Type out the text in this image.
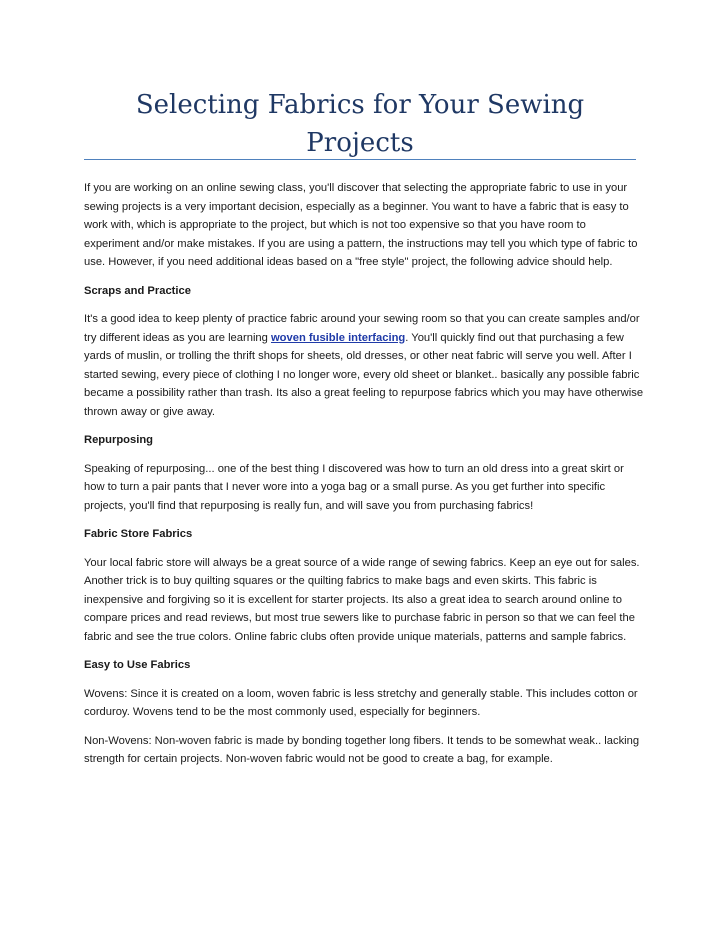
Selecting Fabrics for Your Sewing Projects

If you are working on an online sewing class, you'll discover that selecting the appropriate fabric to use in your sewing projects is a very important decision, especially as a beginner. You want to have a fabric that is easy to work with, which is appropriate to the project, but which is not too expensive so that you have room to experiment and/or make mistakes. If you are using a pattern, the instructions may tell you which type of fabric to use. However, if you need additional ideas based on a "free style" project, the following advice should help.

Scraps and Practice

It's a good idea to keep plenty of practice fabric around your sewing room so that you can create samples and/or try different ideas as you are learning woven fusible interfacing. You'll quickly find out that purchasing a few yards of muslin, or trolling the thrift shops for sheets, old dresses, or other neat fabric will serve you well. After I started sewing, every piece of clothing I no longer wore, every old sheet or blanket.. basically any possible fabric became a possibility rather than trash. Its also a great feeling to repurpose fabrics which you may have otherwise thrown away or give away.

Repurposing

Speaking of repurposing... one of the best thing I discovered was how to turn an old dress into a great skirt or how to turn a pair pants that I never wore into a yoga bag or a small purse. As you get further into specific projects, you'll find that repurposing is really fun, and will save you from purchasing fabrics!

Fabric Store Fabrics

Your local fabric store will always be a great source of a wide range of sewing fabrics. Keep an eye out for sales. Another trick is to buy quilting squares or the quilting fabrics to make bags and even skirts. This fabric is inexpensive and forgiving so it is excellent for starter projects. Its also a great idea to search around online to compare prices and read reviews, but most true sewers like to purchase fabric in person so that we can feel the fabric and see the true colors. Online fabric clubs often provide unique materials, patterns and sample fabrics.

Easy to Use Fabrics

Wovens: Since it is created on a loom, woven fabric is less stretchy and generally stable. This includes cotton or corduroy. Wovens tend to be the most commonly used, especially for beginners.

Non-Wovens: Non-woven fabric is made by bonding together long fibers. It tends to be somewhat weak.. lacking strength for certain projects. Non-woven fabric would not be good to create a bag, for example.
